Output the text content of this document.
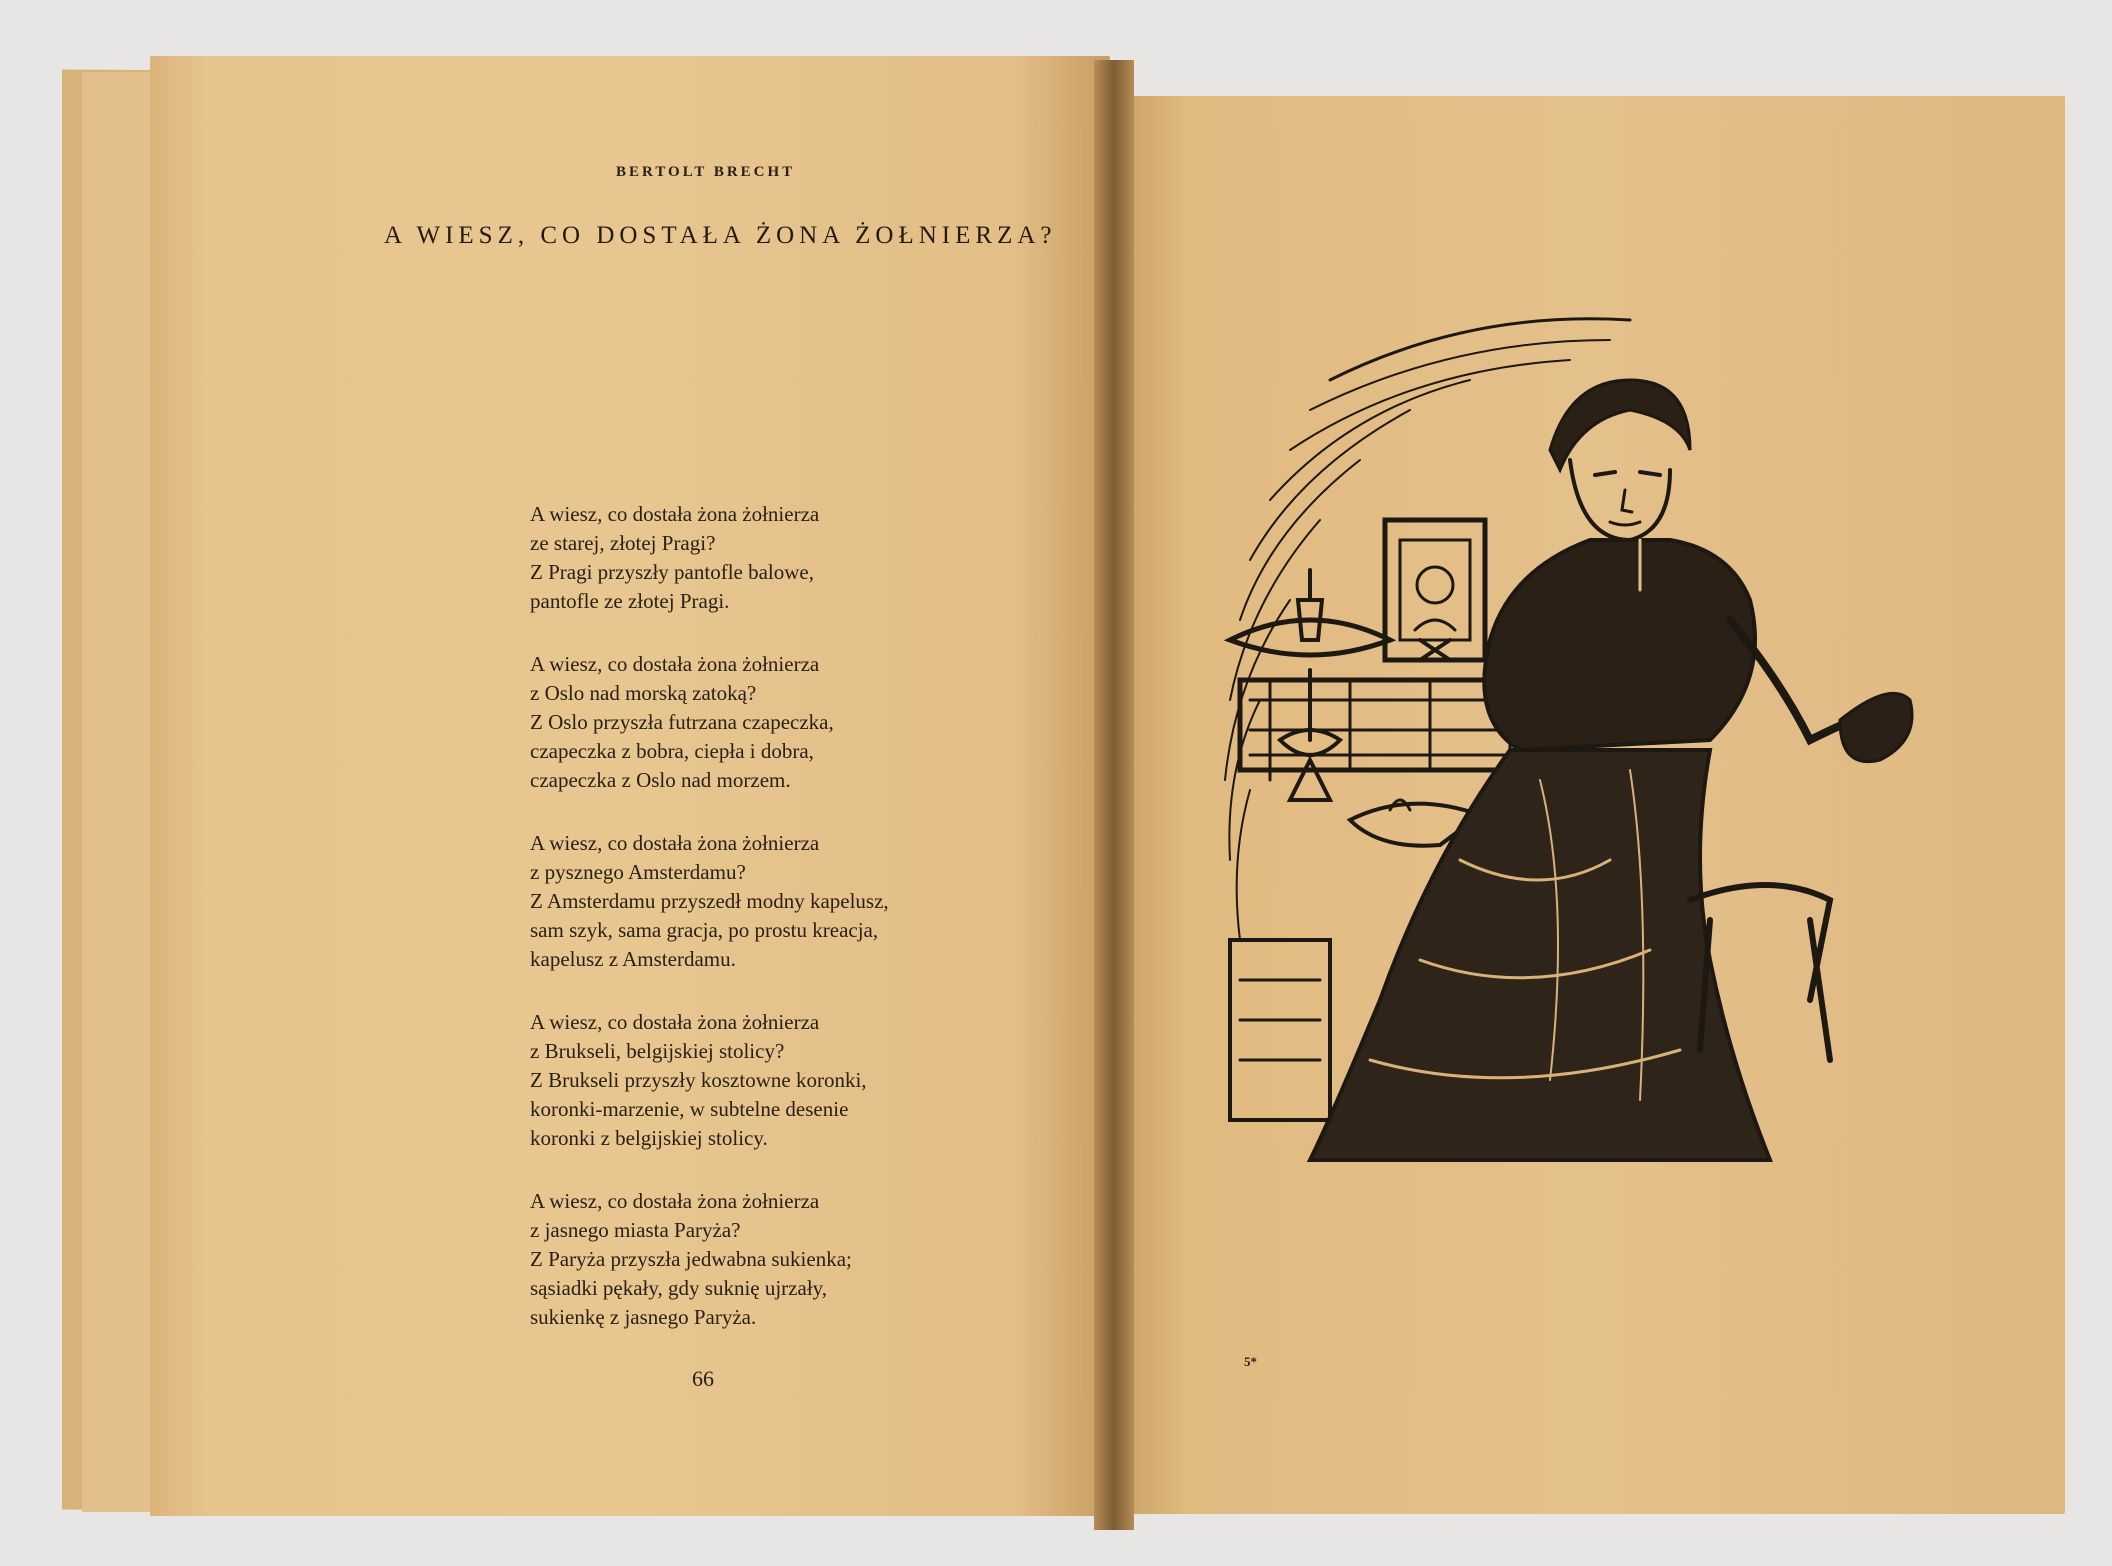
BERTOLT BRECHT
A WIESZ, CO DOSTAŁA ŻONA ŻOŁNIERZA?
A wiesz, co dostała żona żołnierza
ze starej, złotej Pragi?
Z Pragi przyszły pantofle balowe,
pantofle ze złotej Pragi.
A wiesz, co dostała żona żołnierza
z Oslo nad morską zatoką?
Z Oslo przyszła futrzana czapeczka,
czapeczka z bobra, ciepła i dobra,
czapeczka z Oslo nad morzem.
A wiesz, co dostała żona żołnierza
z pysznego Amsterdamu?
Z Amsterdamu przyszedł modny kapelusz,
sam szyk, sama gracja, po prostu kreacja,
kapelusz z Amsterdamu.
A wiesz, co dostała żona żołnierza
z Brukseli, belgijskiej stolicy?
Z Brukseli przyszły kosztowne koronki,
koronki-marzenie, w subtelne desenie
koronki z belgijskiej stolicy.
A wiesz, co dostała żona żołnierza
z jasnego miasta Paryża?
Z Paryża przyszła jedwabna sukienka;
sąsiadki pękały, gdy suknię ujrzały,
sukienkę z jasnego Paryża.
66
5*
